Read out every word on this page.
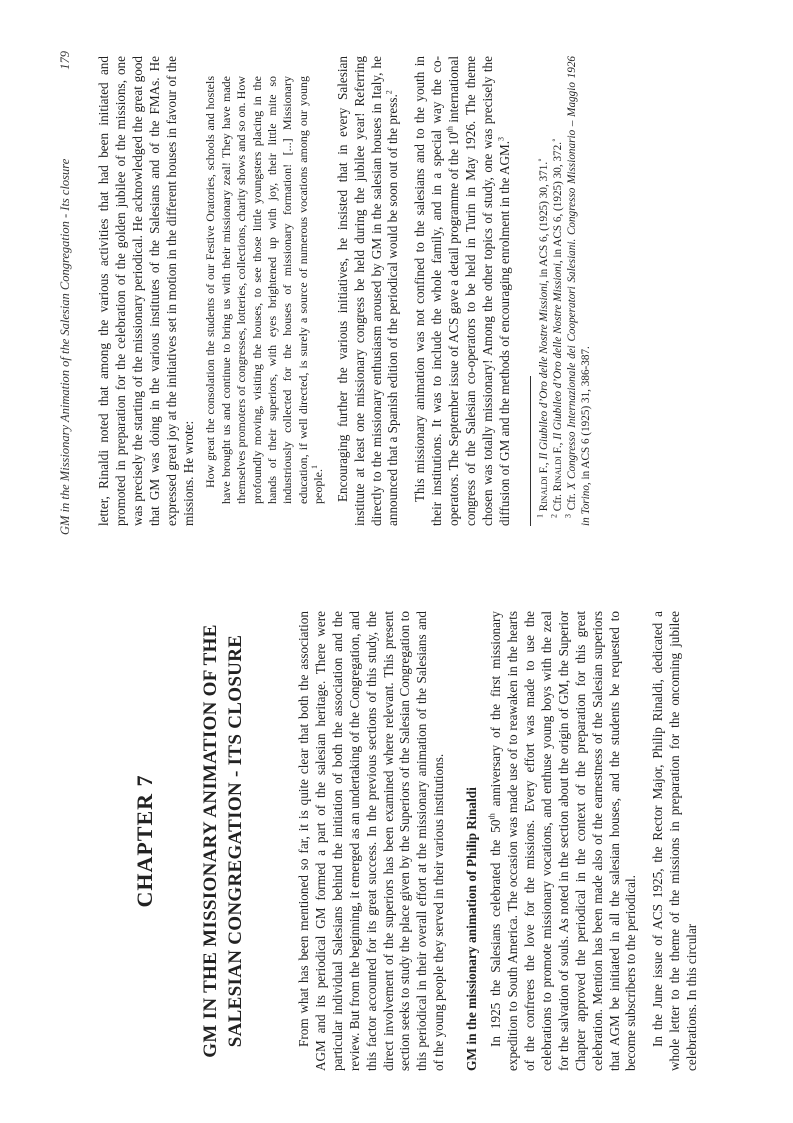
GM in the Missionary Animation of the Salesian Congregation - Its closure
179
CHAPTER 7 GM IN THE MISSIONARY ANIMATION OF THE SALESIAN CONGREGATION - ITS CLOSURE	From what has been mentioned so far, it is quite clear that both the association AGM and its periodical GM formed a part of the salesian heritage. There were particular individual Salesians behind the initiation of both the association and the review. But from the beginning, it emerged as an undertaking of the Congregation, and this factor accounted for its great success. In the previous sections of this study, the direct involvement of the superiors has been examined where relevant. This present section seeks to study the place given by the Superiors of the Salesian Congregation to this periodical in their overall effort at the missionary animation of the Salesians and of the young people they served in their various institutions. GM in the missionary animation of Philip Rinaldi In 1925 the Salesians celebrated the 50th anniversary of the first missionary expedition to South America. The occasion was made use of to reawaken in the hearts of the confreres the love for the missions. Every effort was made to use the celebrations to promote missionary vocations, and enthuse young boys with the zeal for the salvation of souls. As noted in the section about the origin of GM, the Superior Chapter approved the periodical in the context of the preparation for this great celebration. Mention has been made also of the earnestness of the Salesian superiors that AGM be initiated in all the salesian houses, and the students be requested to become subscribers to the periodical. In the June issue of ACS 1925, the Rector Major, Philip Rinaldi, dedicated a whole letter to the theme of the missions in preparation for the oncoming jubilee celebrations. In this circular

letter, Rinaldi noted that among the various activities that had been initiated and promoted in preparation for the celebration of the golden jubilee of the missions, one was precisely the starting of the missionary periodical. He acknowledged the great good that GM was doing in the various institutes of the Salesians and of the FMAs. He expressed great joy at the initiatives set in motion in the different houses in favour of the missions. He wrote: How great the consolation the students of our Festive Oratories, schools and hostels have brought us and continue to bring us with their missionary zeal! They have made themselves promoters of congresses, lotteries, collections, charity shows and so on. How profoundly moving, visiting the houses, to see those little youngsters placing in the hands of their superiors, with eyes brightened up with joy, their little mite so industriously collected for the houses of missionary formation! [...] Missionary education, if well directed, is surely a source of numerous vocations among our young people.$^1$	Encouraging further the various initiatives, he insisted that in every Salesian institute at least one missionary congress be held during the jubilee year! Referring directly to the missionary enthusiasm aroused by GM in the salesian houses in Italy, he announced that a Spanish edition of the periodical would be soon out of the press.$^2$	This missionary animation was not confined to the salesians and to the youth in their institutions. It was to include the whole family, and in a special way the co-operators. The September issue of ACS gave a detail programme of the 10th international congress of the Salesian co-operators to be held in Turin in May 1926. The theme chosen was totally missionary! Among the other topics of study, one was precisely the diffusion of GM and the methods of encouraging enrolment in the AGM.$^3$

$^1$ Rinaldi F., Il Giubileo d’Oro delle Nostre Missioni, in ACS 6, (1925) 30, 371.˚

$^2$ Cfr. Rinaldi F., Il Giubileo d’Oro delle Nostre Missioni, in ACS 6, (1925) 30, 372.˚

$^3$ Cfr. X Congresso Internazionale dei Cooperatori Salesiani. Congresso Missionario – Maggio 1926 in Torino, in ACS 6 (1925) 31, 386-387.
